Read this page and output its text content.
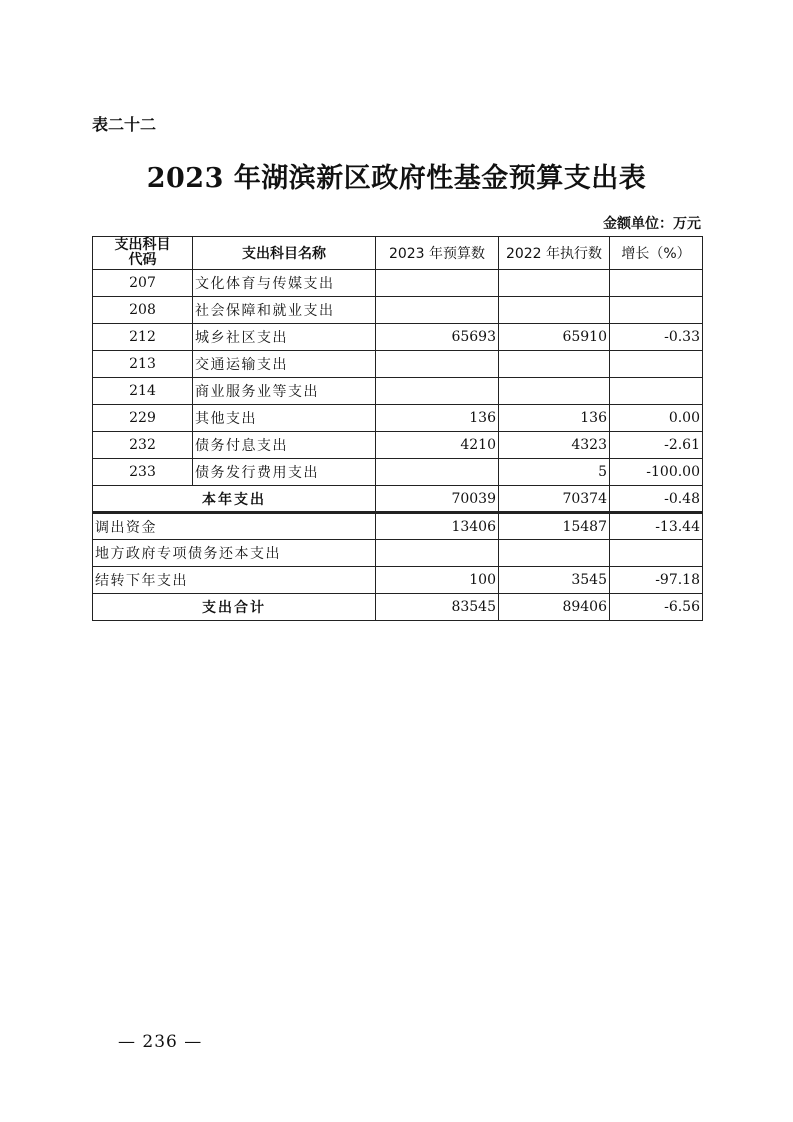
表二十二
2023 年湖滨新区政府性基金预算支出表
金额单位：万元
支出科目
代码	支出科目名称	2023 年预算数	2022 年执行数	增长（%）
207	文化体育与传媒支出			
208	社会保障和就业支出			
212	城乡社区支出	65693	65910	-0.33
213	交通运输支出			
214	商业服务业等支出			
229	其他支出	136	136	0.00
232	债务付息支出	4210	4323	-2.61
233	债务发行费用支出		5	-100.00
本年支出		70039	70374	-0.48
调出资金		13406	15487	-13.44
地方政府专项债务还本支出				
结转下年支出		100	3545	-97.18
支出合计		83545	89406	-6.56
— 236 —
